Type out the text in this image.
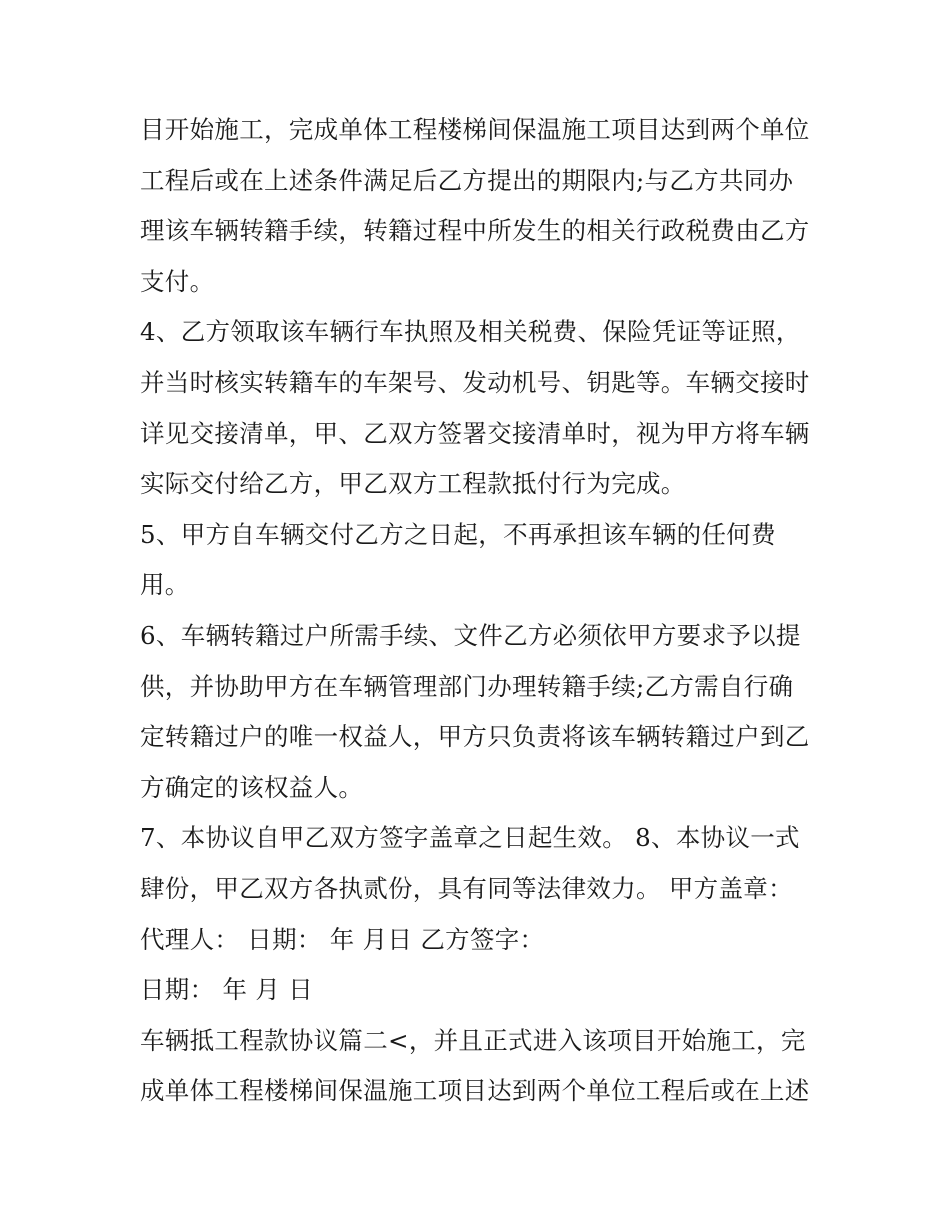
目开始施工，完成单体工程楼梯间保温施工项目达到两个单位
工程后或在上述条件满足后乙方提出的期限内;与乙方共同办
理该车辆转籍手续，转籍过程中所发生的相关行政税费由乙方
支付。
4、乙方领取该车辆行车执照及相关税费、保险凭证等证照，
并当时核实转籍车的车架号、发动机号、钥匙等。车辆交接时
详见交接清单，甲、乙双方签署交接清单时，视为甲方将车辆
实际交付给乙方，甲乙双方工程款抵付行为完成。
5、甲方自车辆交付乙方之日起，不再承担该车辆的任何费
用。
6、车辆转籍过户所需手续、文件乙方必须依甲方要求予以提
供，并协助甲方在车辆管理部门办理转籍手续;乙方需自行确
定转籍过户的唯一权益人，甲方只负责将该车辆转籍过户到乙
方确定的该权益人。
7、本协议自甲乙双方签字盖章之日起生效。 8、本协议一式
肆份，甲乙双方各执贰份，具有同等法律效力。 甲方盖章：
代理人： 日期： 年 月日 乙方签字：
日期： 年 月 日
车辆抵工程款协议篇二<，并且正式进入该项目开始施工，完
成单体工程楼梯间保温施工项目达到两个单位工程后或在上述
